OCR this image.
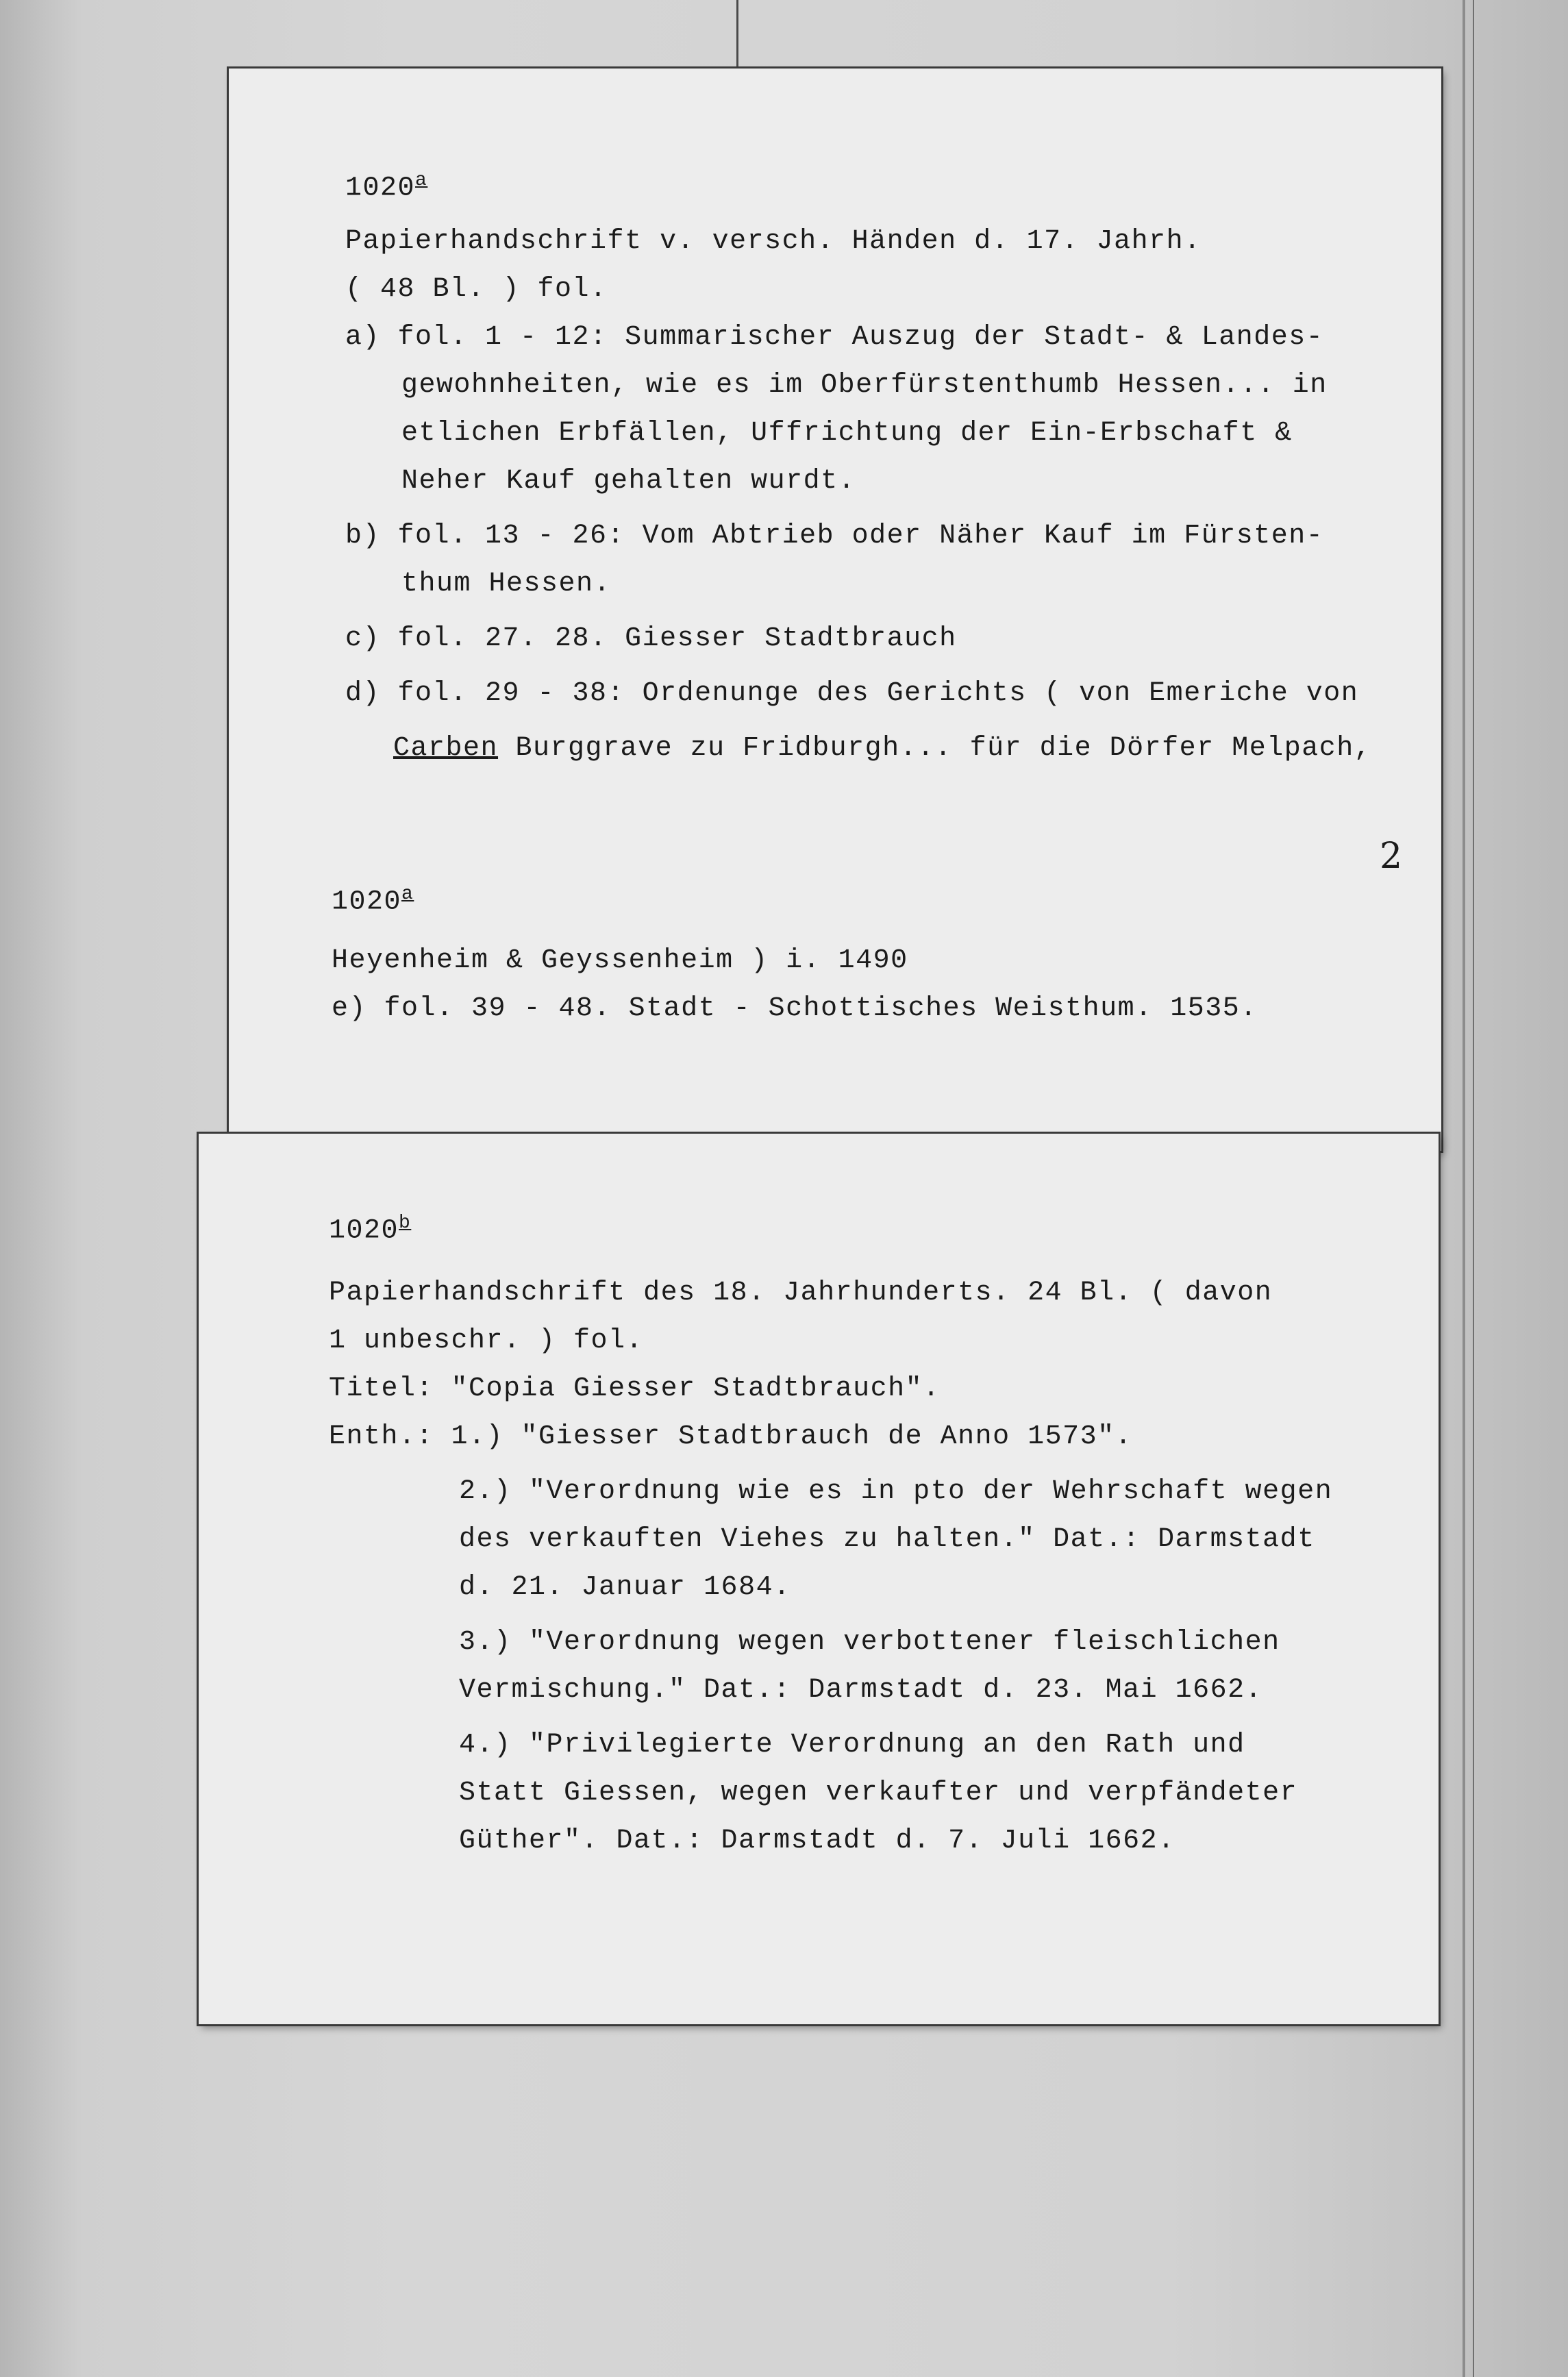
1020$^a$
Papierhandschrift v. versch. Händen d. 17. Jahrh.
( 48 Bl. ) fol.
a) fol. 1 - 12: Summarischer Auszug der Stadt- & Landes-
gewohnheiten, wie es im Oberfürstenthumb Hessen... in
etlichen Erbfällen, Uffrichtung der Ein-Erbschaft &
Neher Kauf gehalten wurdt.
b) fol. 13 - 26: Vom Abtrieb oder Näher Kauf im Fürsten-
thum Hessen.
c) fol. 27. 28. Giesser Stadtbrauch
d) fol. 29 - 38: Ordenunge des Gerichts ( von Emeriche von
Carben Burggrave zu Fridburgh... für die Dörfer Melpach,
2
1020$^a$
Heyenheim & Geyssenheim ) i. 1490
e) fol. 39 - 48. Stadt - Schottisches Weisthum. 1535.
1020$^b$
Papierhandschrift des 18. Jahrhunderts. 24 Bl. ( davon
1 unbeschr. ) fol.
Titel: "Copia Giesser Stadtbrauch".
Enth.: 1.) "Giesser Stadtbrauch de Anno 1573".
2.) "Verordnung wie es in pto der Wehrschaft wegen
des verkauften Viehes zu halten." Dat.: Darmstadt
d. 21. Januar 1684.
3.) "Verordnung wegen verbottener fleischlichen
Vermischung." Dat.: Darmstadt d. 23. Mai 1662.
4.) "Privilegierte Verordnung an den Rath und
Statt Giessen, wegen verkaufter und verpfändeter
Güther". Dat.: Darmstadt d. 7. Juli 1662.
